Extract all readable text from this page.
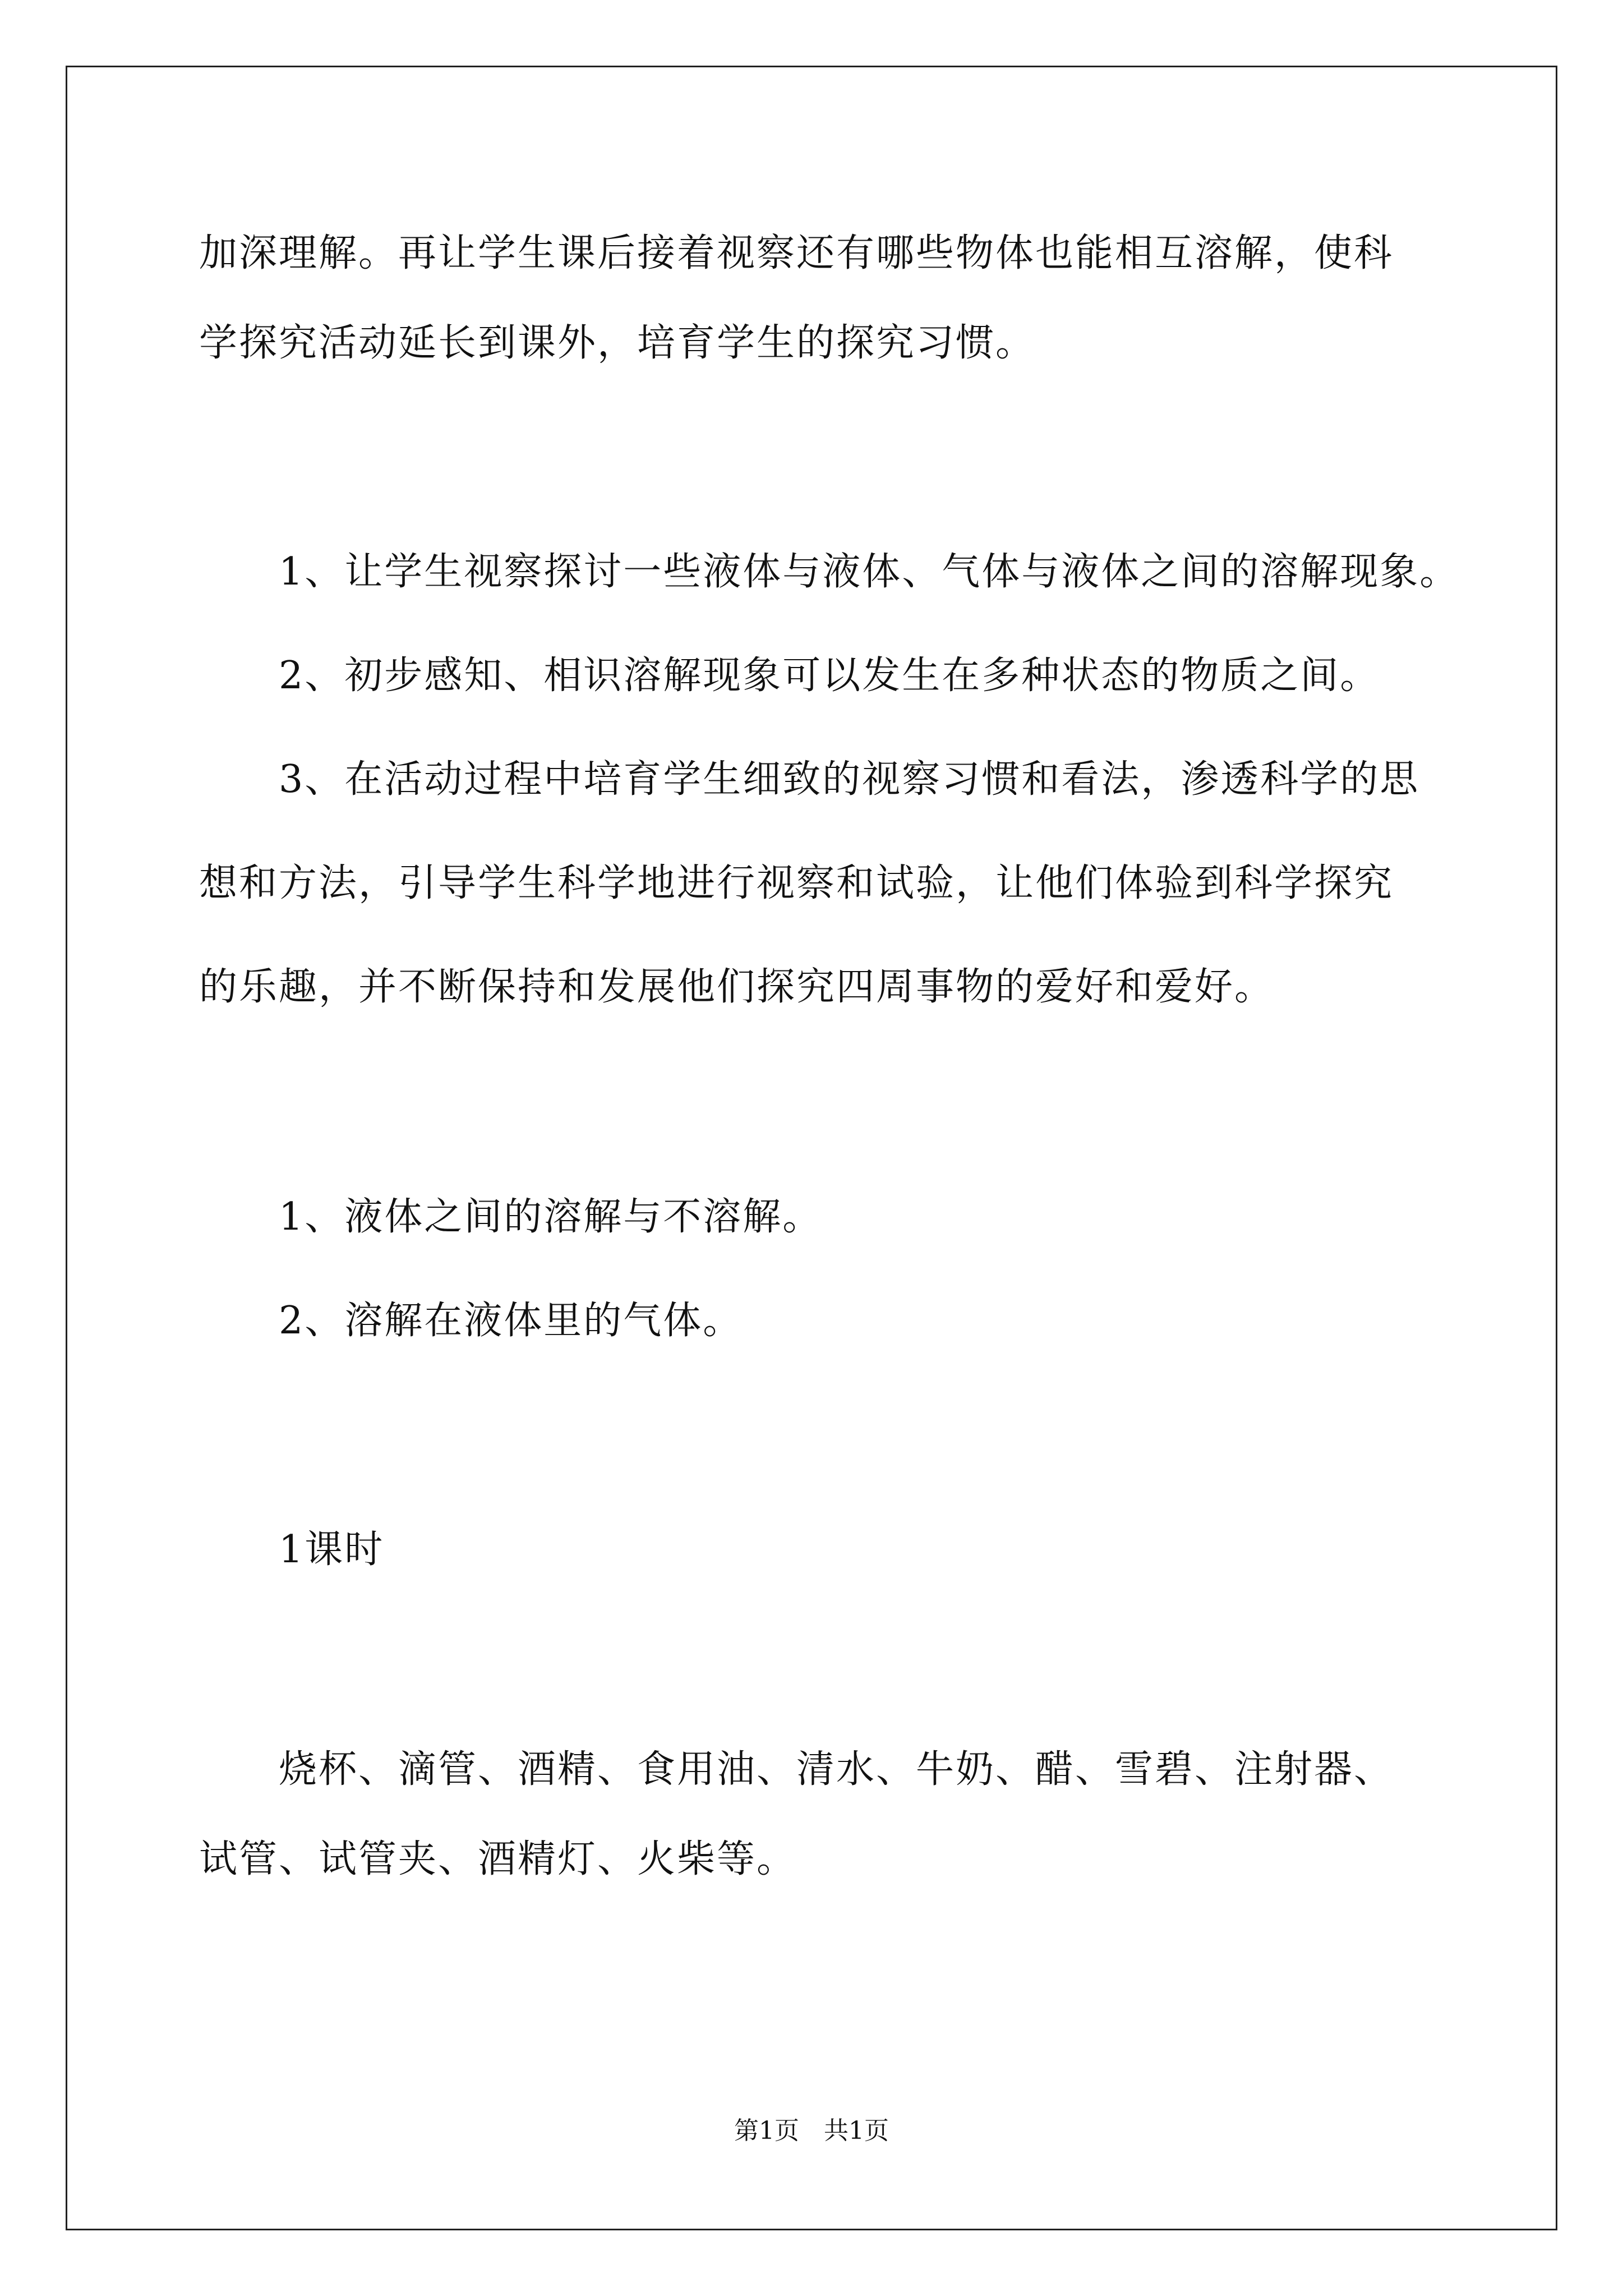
加深理解。再让学生课后接着视察还有哪些物体也能相互溶解，使科
学探究活动延长到课外，培育学生的探究习惯。
1、让学生视察探讨一些液体与液体、气体与液体之间的溶解现象。
2、初步感知、相识溶解现象可以发生在多种状态的物质之间。
3、在活动过程中培育学生细致的视察习惯和看法，渗透科学的思
想和方法，引导学生科学地进行视察和试验，让他们体验到科学探究
的乐趣，并不断保持和发展他们探究四周事物的爱好和爱好。
1、液体之间的溶解与不溶解。
2、溶解在液体里的气体。
1课时
烧杯、滴管、酒精、食用油、清水、牛奶、醋、雪碧、注射器、
试管、试管夹、酒精灯、火柴等。
第1页　共1页
